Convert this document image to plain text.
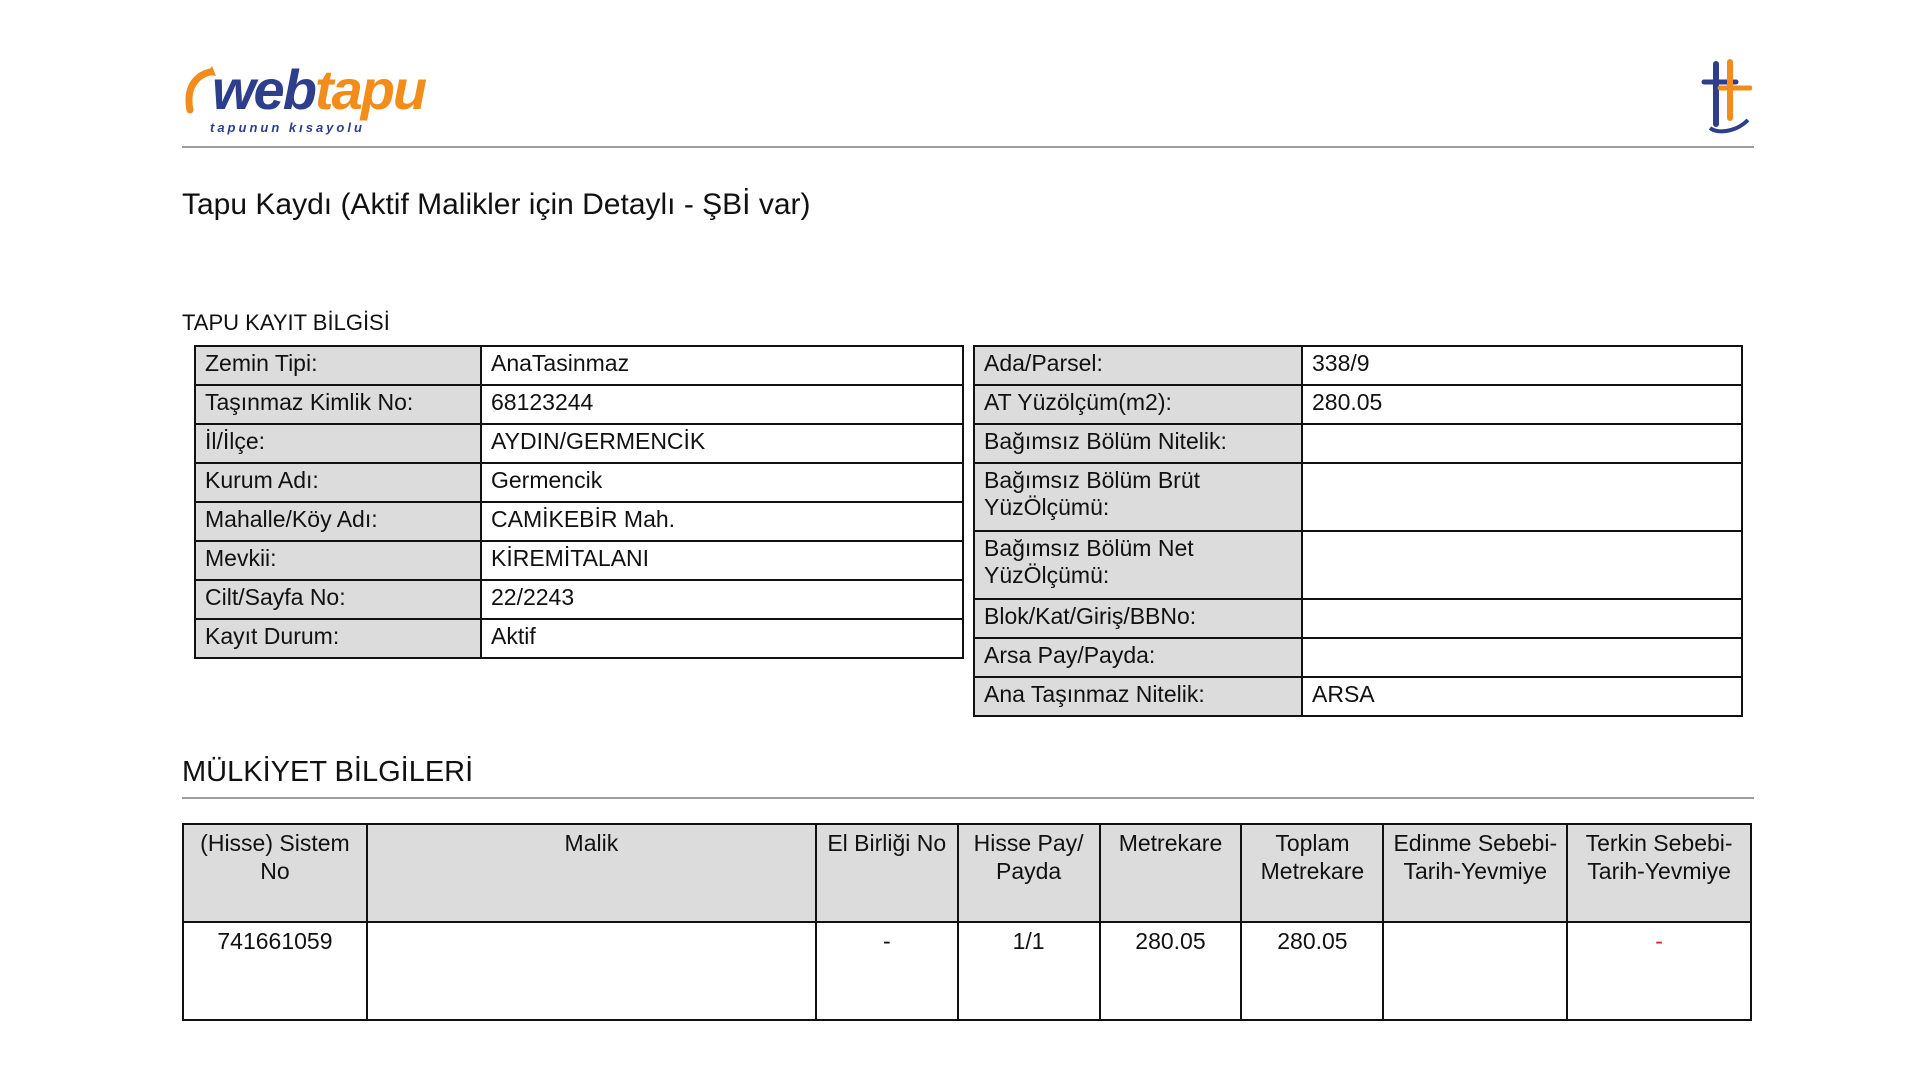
webtapu
tapunun kısayolu
Tapu Kaydı (Aktif Malikler için Detaylı - ŞBİ var)
TAPU KAYIT BİLGİSİ
Zemin Tipi:	AnaTasinmaz
Taşınmaz Kimlik No:	68123244
İl/İlçe:	AYDIN/GERMENCİK
Kurum Adı:	Germencik
Mahalle/Köy Adı:	CAMİKEBİR Mah.
Mevkii:	KİREMİTALANI
Cilt/Sayfa No:	22/2243
Kayıt Durum:	Aktif
Ada/Parsel:	338/9
AT Yüzölçüm(m2):	280.05
Bağımsız Bölüm Nitelik:	
Bağımsız Bölüm Brüt YüzÖlçümü:	
Bağımsız Bölüm Net YüzÖlçümü:	
Blok/Kat/Giriş/BBNo:	
Arsa Pay/Payda:	
Ana Taşınmaz Nitelik:	ARSA
MÜLKİYET BİLGİLERİ
(Hisse) Sistem No	Malik	El Birliği No	Hisse Pay/ Payda	Metrekare	Toplam Metrekare	Edinme Sebebi-Tarih-Yevmiye	Terkin Sebebi-Tarih-Yevmiye
741661059		-	1/1	280.05	280.05		-
